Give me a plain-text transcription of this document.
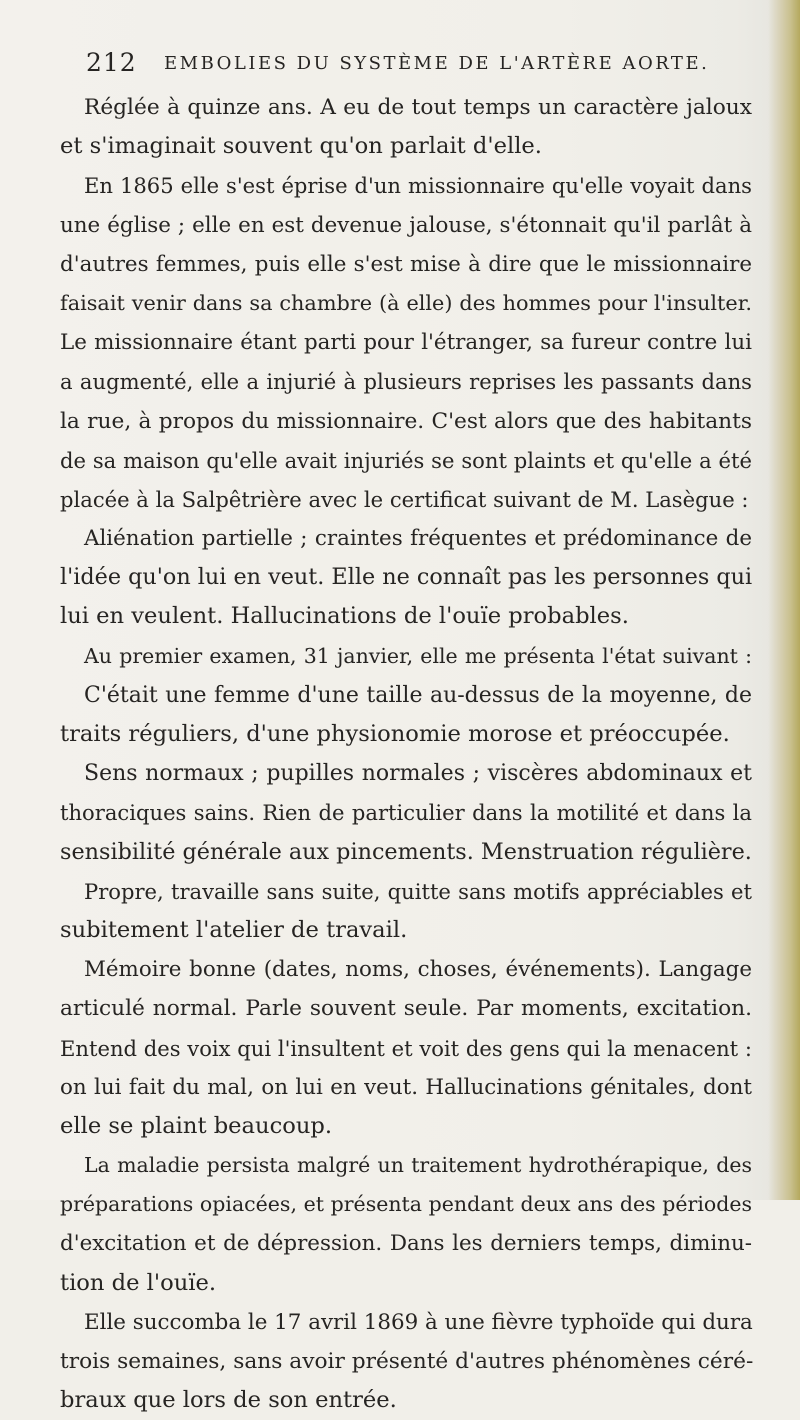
212 EMBOLIES DU SYSTÈME DE L'ARTÈRE AORTE.
Réglée à quinze ans. A eu de tout temps un caractère jaloux
et s'imaginait souvent qu'on parlait d'elle.
En 1865 elle s'est éprise d'un missionnaire qu'elle voyait dans
une église ; elle en est devenue jalouse, s'étonnait qu'il parlât à
d'autres femmes, puis elle s'est mise à dire que le missionnaire
faisait venir dans sa chambre (à elle) des hommes pour l'insulter.
Le missionnaire étant parti pour l'étranger, sa fureur contre lui
a augmenté, elle a injurié à plusieurs reprises les passants dans
la rue, à propos du missionnaire. C'est alors que des habitants
de sa maison qu'elle avait injuriés se sont plaints et qu'elle a été
placée à la Salpêtrière avec le certificat suivant de M. Lasègue :
Aliénation partielle ; craintes fréquentes et prédominance de
l'idée qu'on lui en veut. Elle ne connaît pas les personnes qui
lui en veulent. Hallucinations de l'ouïe probables.
Au premier examen, 31 janvier, elle me présenta l'état suivant :
C'était une femme d'une taille au-dessus de la moyenne, de
traits réguliers, d'une physionomie morose et préoccupée.
Sens normaux ; pupilles normales ; viscères abdominaux et
thoraciques sains. Rien de particulier dans la motilité et dans la
sensibilité générale aux pincements. Menstruation régulière.
Propre, travaille sans suite, quitte sans motifs appréciables et
subitement l'atelier de travail.
Mémoire bonne (dates, noms, choses, événements). Langage
articulé normal. Parle souvent seule. Par moments, excitation.
Entend des voix qui l'insultent et voit des gens qui la menacent :
on lui fait du mal, on lui en veut. Hallucinations génitales, dont
elle se plaint beaucoup.
La maladie persista malgré un traitement hydrothérapique, des
préparations opiacées, et présenta pendant deux ans des périodes
d'excitation et de dépression. Dans les derniers temps, diminu-
tion de l'ouïe.
Elle succomba le 17 avril 1869 à une fièvre typhoïde qui dura
trois semaines, sans avoir présenté d'autres phénomènes céré-
braux que lors de son entrée.
